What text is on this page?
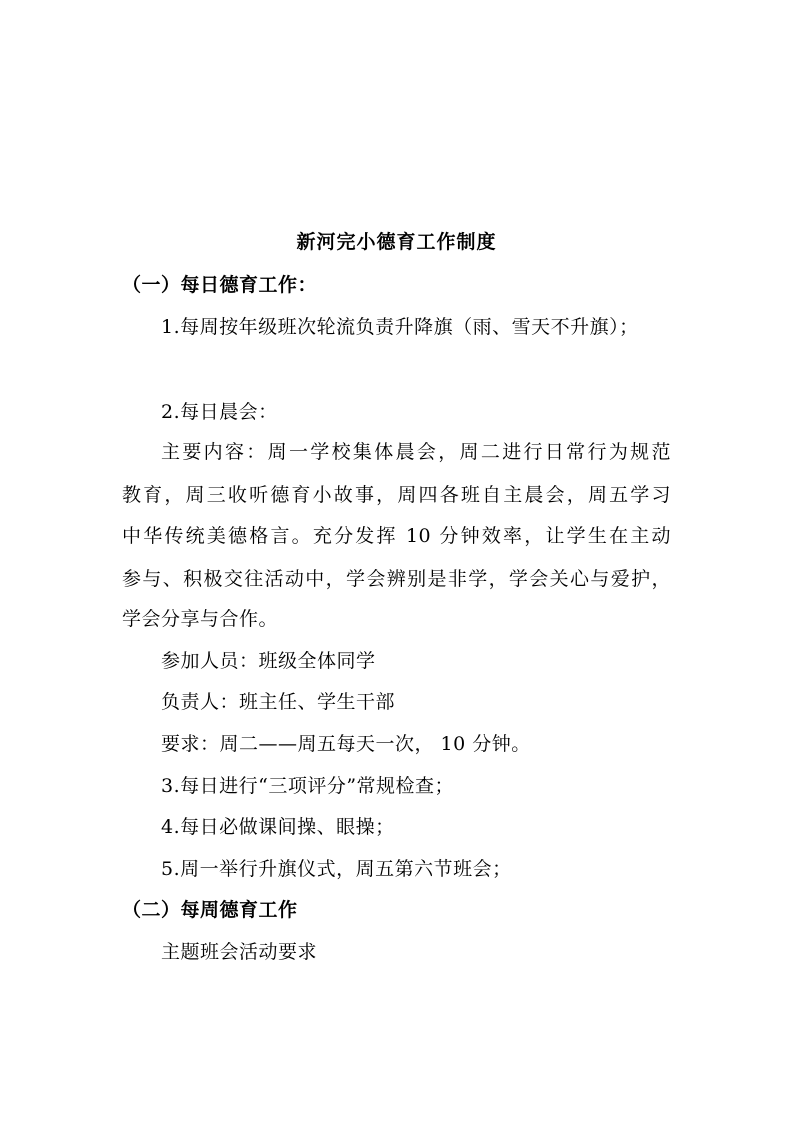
新河完小德育工作制度
（一）每日德育工作：
1.每周按年级班次轮流负责升降旗（雨、雪天不升旗）；
2.每日晨会：
主要内容：周一学校集体晨会，周二进行日常行为规范
教育，周三收听德育小故事，周四各班自主晨会，周五学习
中华传统美德格言。充分发挥 10 分钟效率，让学生在主动
参与、积极交往活动中，学会辨别是非学，学会关心与爱护，
学会分享与合作。
参加人员：班级全体同学
负责人：班主任、学生干部
要求：周二——周五每天一次， 10 分钟。
3.每日进行“三项评分”常规检查；
4.每日必做课间操、眼操；
5.周一举行升旗仪式，周五第六节班会；
（二）每周德育工作
主题班会活动要求
